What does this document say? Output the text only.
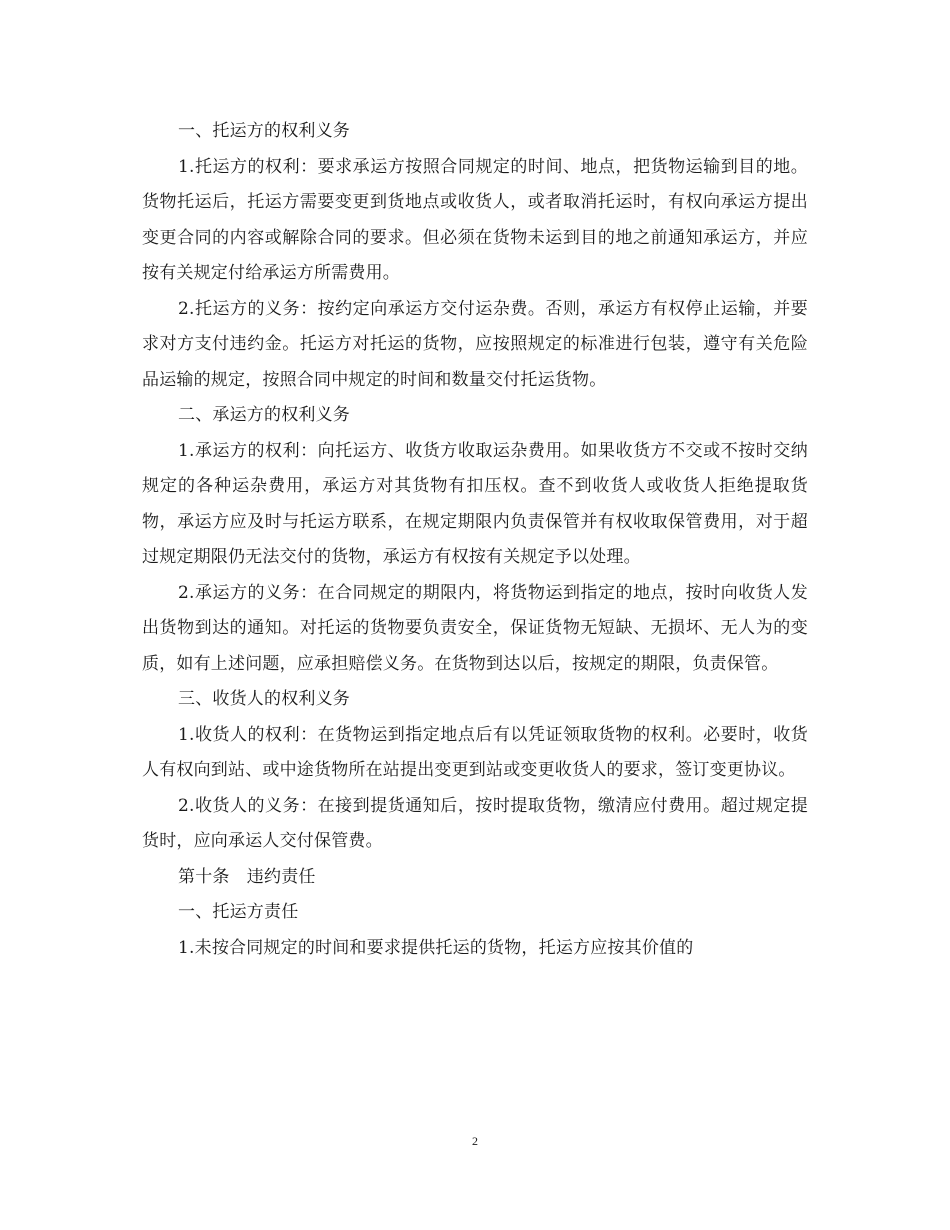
一、托运方的权利义务

1.托运方的权利：要求承运方按照合同规定的时间、地点，把货物运输到目的地。货物托运后，托运方需要变更到货地点或收货人，或者取消托运时，有权向承运方提出变更合同的内容或解除合同的要求。但必须在货物未运到目的地之前通知承运方，并应按有关规定付给承运方所需费用。

2.托运方的义务：按约定向承运方交付运杂费。否则，承运方有权停止运输，并要求对方支付违约金。托运方对托运的货物，应按照规定的标准进行包装，遵守有关危险品运输的规定，按照合同中规定的时间和数量交付托运货物。

二、承运方的权利义务

1.承运方的权利：向托运方、收货方收取运杂费用。如果收货方不交或不按时交纳规定的各种运杂费用，承运方对其货物有扣压权。查不到收货人或收货人拒绝提取货物，承运方应及时与托运方联系，在规定期限内负责保管并有权收取保管费用，对于超过规定期限仍无法交付的货物，承运方有权按有关规定予以处理。

2.承运方的义务：在合同规定的期限内，将货物运到指定的地点，按时向收货人发出货物到达的通知。对托运的货物要负责安全，保证货物无短缺、无损坏、无人为的变质，如有上述问题，应承担赔偿义务。在货物到达以后，按规定的期限，负责保管。

三、收货人的权利义务

1.收货人的权利：在货物运到指定地点后有以凭证领取货物的权利。必要时，收货人有权向到站、或中途货物所在站提出变更到站或变更收货人的要求，签订变更协议。

2.收货人的义务：在接到提货通知后，按时提取货物，缴清应付费用。超过规定提货时，应向承运人交付保管费。

第十条　违约责任

一、托运方责任

1.未按合同规定的时间和要求提供托运的货物，托运方应按其价值的

2
